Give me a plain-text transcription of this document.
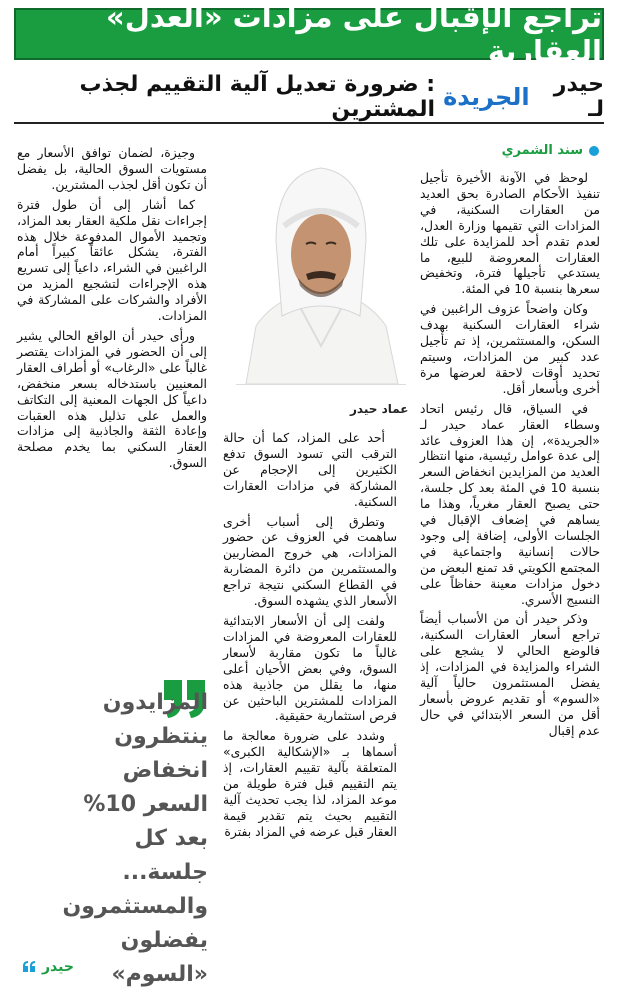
تراجع الإقبال على مزادات «العدل» العقارية
حيدر لـ
الجريدة
: ضرورة تعديل آلية التقييم لجذب المشترين
سند الشمري

لوحظ في الآونة الأخيرة تأجيل تنفيذ الأحكام الصادرة بحق العديد من العقارات السكنية، في المزادات التي تقيمها وزارة العدل، لعدم تقدم أحد للمزايدة على تلك العقارات المعروضة للبيع، ما يستدعي تأجيلها فترة، وتخفيض سعرها بنسبة 10 في المئة.

وكان واضحاً عزوف الراغبين في شراء العقارات السكنية بهدف السكن، والمستثمرين، إذ تم تأجيل عدد كبير من المزادات، وسيتم تحديد أوقات لاحقة لعرضها مرة أخرى وبأسعار أقل.

في السياق، قال رئيس اتحاد وسطاء العقار عماد حيدر لـ «الجريدة»، إن هذا العزوف عائد إلى عدة عوامل رئيسية، منها انتظار العديد من المزايدين انخفاض السعر بنسبة 10 في المئة بعد كل جلسة، حتى يصبح العقار مغرياً، وهذا ما يساهم في إضعاف الإقبال في الجلسات الأولى، إضافة إلى وجود حالات إنسانية واجتماعية في المجتمع الكويتي قد تمنع البعض من دخول مزادات معينة حفاظاً على النسيج الأسري.

وذكر حيدر أن من الأسباب أيضاً تراجع أسعار العقارات السكنية، فالوضع الحالي لا يشجع على الشراء والمزايدة في المزادات، إذ يفضل المستثمرون حالياً آلية «السوم» أو تقديم عروض بأسعار أقل من السعر الابتدائي في حال عدم إقبال

عماد حيدر

أحد على المزاد، كما أن حالة الترقب التي تسود السوق تدفع الكثيرين إلى الإحجام عن المشاركة في مزادات العقارات السكنية.

وتطرق إلى أسباب أخرى ساهمت في العزوف عن حضور المزادات، هي خروج المضاربين والمستثمرين من دائرة المضاربة في القطاع السكني نتيجة تراجع الأسعار الذي يشهده السوق.

ولفت إلى أن الأسعار الابتدائية للعقارات المعروضة في المزادات غالباً ما تكون مقاربة لأسعار السوق، وفي بعض الأحيان أعلى منها، ما يقلل من جاذبية هذه المزادات للمشترين الباحثين عن فرص استثمارية حقيقية.

وشدد على ضرورة معالجة ما أسماها بـ «الإشكالية الكبرى» المتعلقة بآلية تقييم العقارات، إذ يتم التقييم قبل فترة طويلة من موعد المزاد، لذا يجب تحديث آلية التقييم بحيث يتم تقدير قيمة العقار قبل عرضه في المزاد بفترة

وجيزة، لضمان توافق الأسعار مع مستويات السوق الحالية، بل يفضل أن تكون أقل لجذب المشترين.

كما أشار إلى أن طول فترة إجراءات نقل ملكية العقار بعد المزاد، وتجميد الأموال المدفوعة خلال هذه الفترة، يشكل عائقاً كبيراً أمام الراغبين في الشراء، داعياً إلى تسريع هذه الإجراءات لتشجيع المزيد من الأفراد والشركات على المشاركة في المزادات.

ورأى حيدر أن الواقع الحالي يشير إلى أن الحضور في المزادات يقتصر غالباً على «الرغاب» أو أطراف العقار المعنيين باستدخاله بسعر منخفض، داعياً كل الجهات المعنية إلى التكاتف والعمل على تذليل هذه العقبات وإعادة الثقة والجاذبية إلى مزادات العقار السكني بما يخدم مصلحة السوق.

المزايدون
ينتظرون
انخفاض
السعر 10%
بعد كل
جلسة...
والمستثمرون
يفضلون
«السوم»
حيدر
